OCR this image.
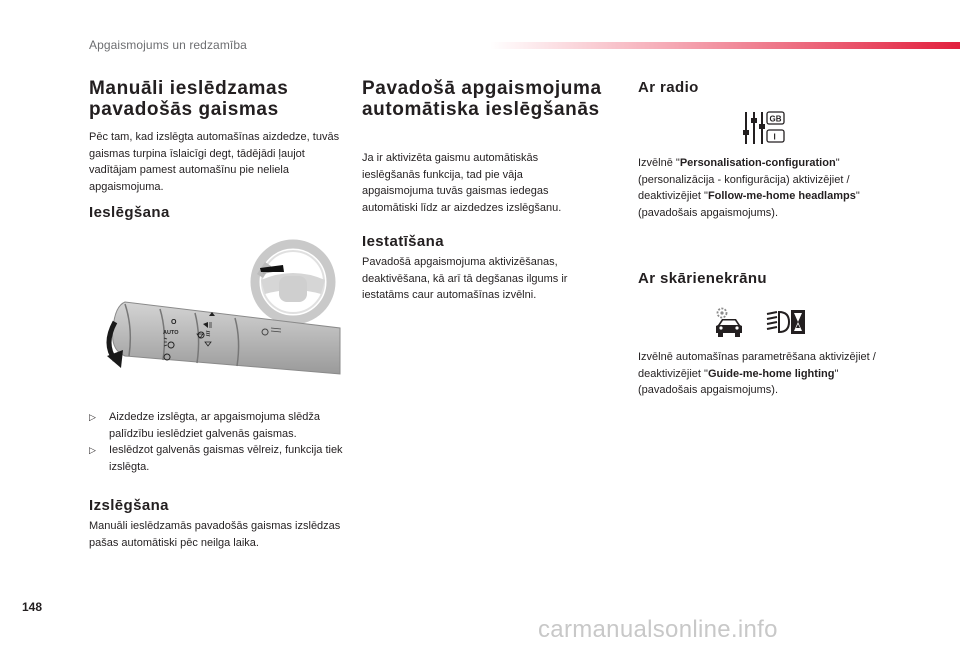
Apgaismojums un redzamība
Manuāli ieslēdzamas pavadošās gaismas
Pēc tam, kad izslēgta automašīnas aizdedze, tuvās gaismas turpina īslaicīgi degt, tādējādi ļaujot vadītājam pamest automašīnu pie neliela apgaismojuma.
Ieslēgšana
O
AUTO
▷ Aizdedze izslēgta, ar apgaismojuma slēdža palīdzību ieslēdziet galvenās gaismas.
▷ Ieslēdzot galvenās gaismas vēlreiz, funkcija tiek izslēgta.
Izslēgšana
Manuāli ieslēdzamās pavadošās gaismas izslēdzas pašas automātiski pēc neilga laika.
Pavadošā apgaismojuma automātiska ieslēgšanās
Ja ir aktivizēta gaismu automātiskās ieslēgšanās funkcija, tad pie vāja apgaismojuma tuvās gaismas iedegas automātiski līdz ar aizdedzes izslēgšanu.
Iestatīšana
Pavadošā apgaismojuma aktivizēšanas, deaktivēšana, kā arī tā degšanas ilgums ir iestatāms caur automašīnas izvēlni.
Ar radio
GB
I
Izvēlnē "Personalisation-configuration" (personalizācija - konfigurācija) aktivizējiet / deaktivizējiet "Follow-me-home headlamps" (pavadošais apgaismojums).
Ar skārienekrānu
Izvēlnē automašīnas parametrēšana aktivizējiet / deaktivizējiet "Guide-me-home lighting" (pavadošais apgaismojums).
148
carmanualsonline.info
